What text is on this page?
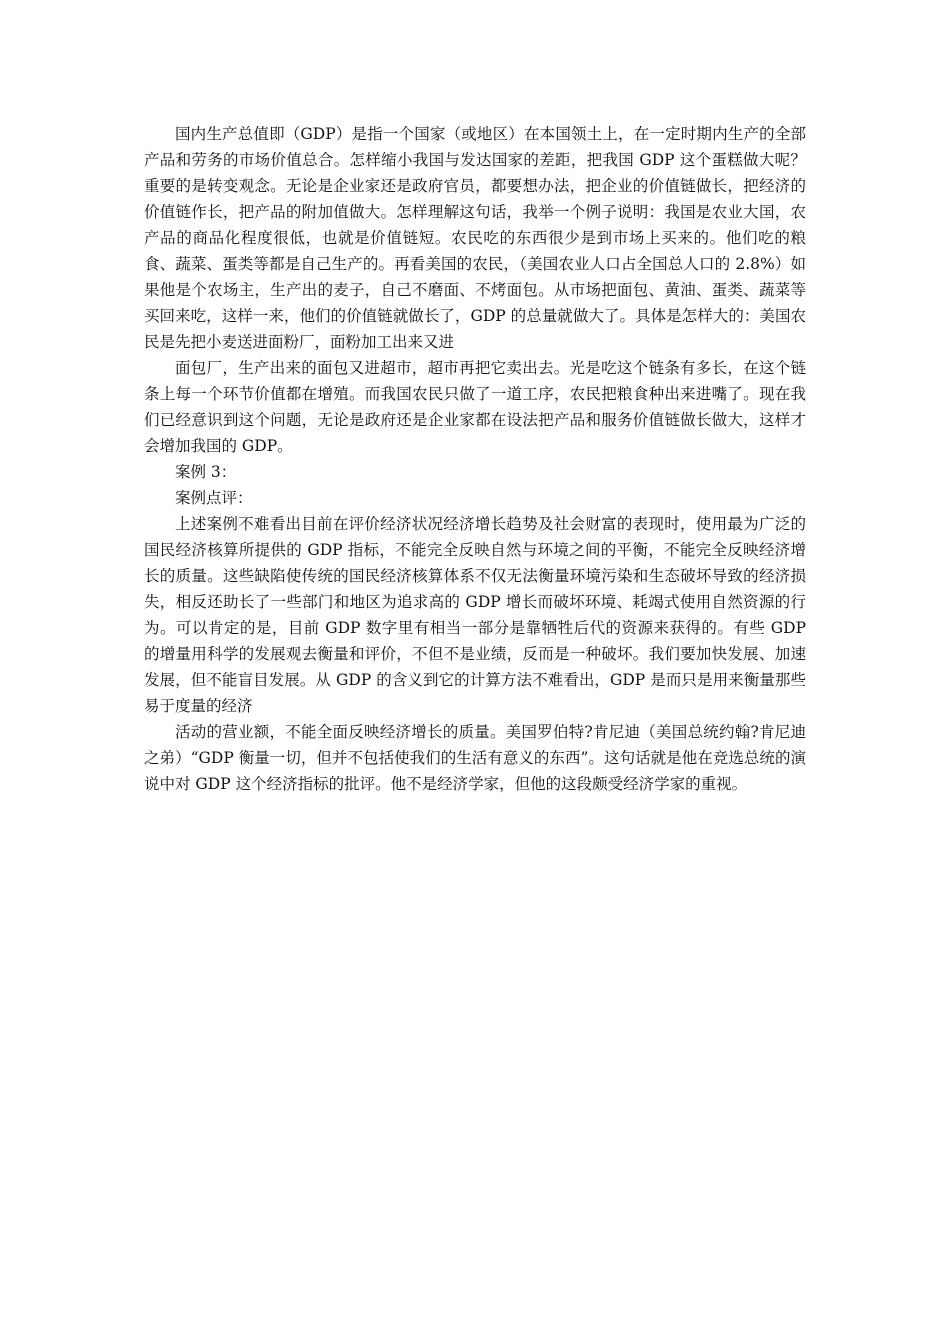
国内生产总值即（GDP）是指一个国家（或地区）在本国领土上，在一定时期内生产的全部产品和劳务的市场价值总合。怎样缩小我国与发达国家的差距，把我国 GDP 这个蛋糕做大呢？重要的是转变观念。无论是企业家还是政府官员，都要想办法，把企业的价值链做长，把经济的价值链作长，把产品的附加值做大。怎样理解这句话，我举一个例子说明：我国是农业大国，农产品的商品化程度很低，也就是价值链短。农民吃的东西很少是到市场上买来的。他们吃的粮食、蔬菜、蛋类等都是自己生产的。再看美国的农民，（美国农业人口占全国总人口的 2.8%）如果他是个农场主，生产出的麦子，自己不磨面、不烤面包。从市场把面包、黄油、蛋类、蔬菜等买回来吃，这样一来，他们的价值链就做长了，GDP 的总量就做大了。具体是怎样大的：美国农民是先把小麦送进面粉厂，面粉加工出来又进

面包厂，生产出来的面包又进超市，超市再把它卖出去。光是吃这个链条有多长，在这个链条上每一个环节价值都在增殖。而我国农民只做了一道工序，农民把粮食种出来进嘴了。现在我们已经意识到这个问题，无论是政府还是企业家都在设法把产品和服务价值链做长做大，这样才会增加我国的 GDP。

案例 3：

案例点评：

上述案例不难看出目前在评价经济状况经济增长趋势及社会财富的表现时，使用最为广泛的国民经济核算所提供的 GDP 指标，不能完全反映自然与环境之间的平衡，不能完全反映经济增长的质量。这些缺陷使传统的国民经济核算体系不仅无法衡量环境污染和生态破坏导致的经济损失，相反还助长了一些部门和地区为追求高的 GDP 增长而破坏环境、耗竭式使用自然资源的行为。可以肯定的是，目前 GDP 数字里有相当一部分是靠牺牲后代的资源来获得的。有些 GDP 的增量用科学的发展观去衡量和评价，不但不是业绩，反而是一种破坏。我们要加快发展、加速发展，但不能盲目发展。从 GDP 的含义到它的计算方法不难看出，GDP 是而只是用来衡量那些易于度量的经济

活动的营业额，不能全面反映经济增长的质量。美国罗伯特?肯尼迪（美国总统约翰?肯尼迪之弟）“GDP 衡量一切，但并不包括使我们的生活有意义的东西”。这句话就是他在竞选总统的演说中对 GDP 这个经济指标的批评。他不是经济学家，但他的这段颇受经济学家的重视。
